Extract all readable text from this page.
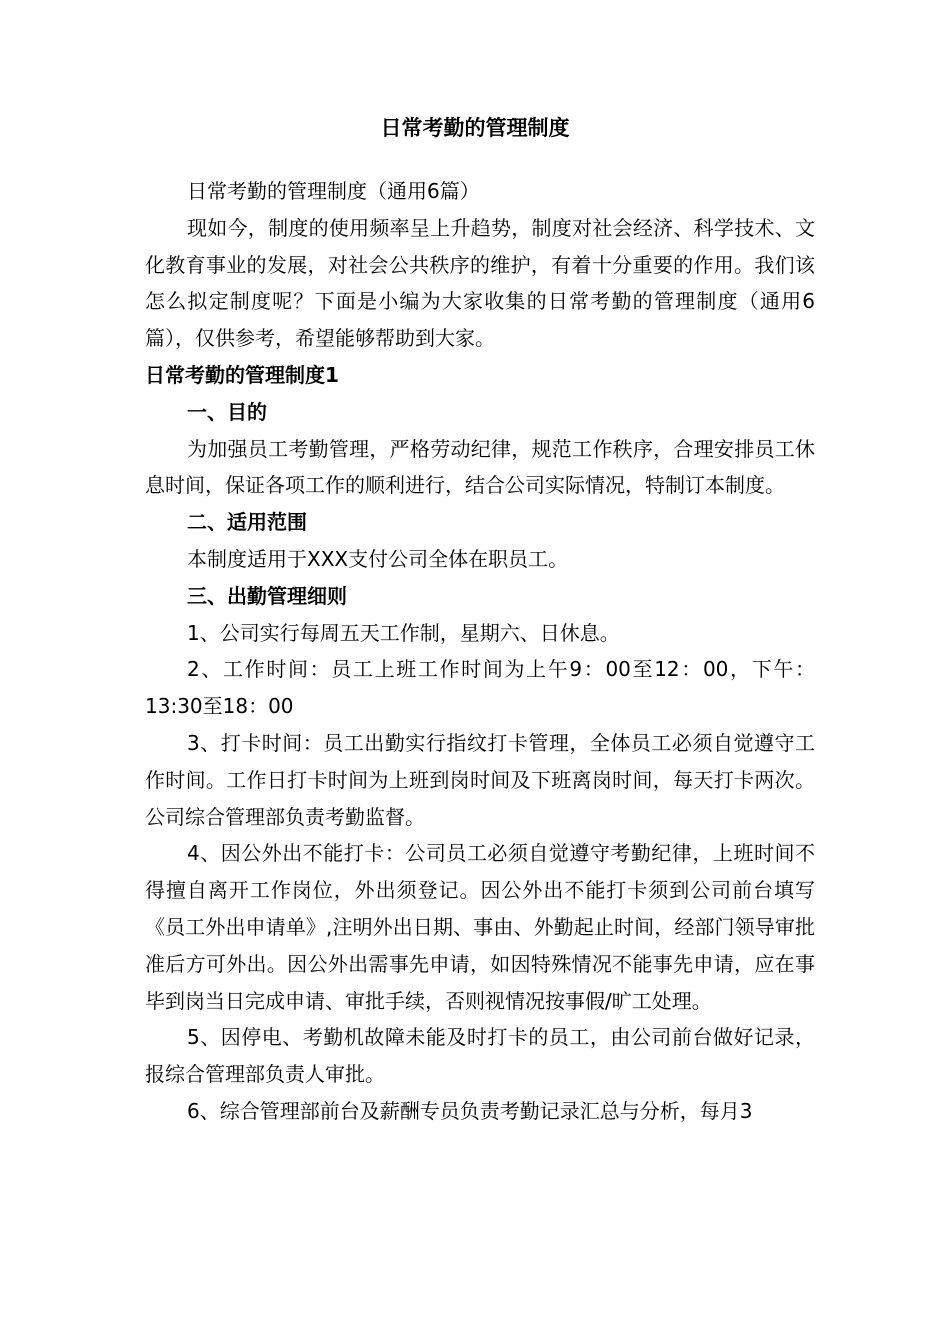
日常考勤的管理制度

日常考勤的管理制度（通用6篇）

现如今，制度的使用频率呈上升趋势，制度对社会经济、科学技术、文化教育事业的发展，对社会公共秩序的维护，有着十分重要的作用。我们该怎么拟定制度呢？下面是小编为大家收集的日常考勤的管理制度（通用6篇），仅供参考，希望能够帮助到大家。

日常考勤的管理制度1

一、目的

为加强员工考勤管理，严格劳动纪律，规范工作秩序，合理安排员工休息时间，保证各项工作的顺利进行，结合公司实际情况，特制订本制度。

二、适用范围

本制度适用于XXX支付公司全体在职员工。

三、出勤管理细则

1、公司实行每周五天工作制，星期六、日休息。

2、工作时间：员工上班工作时间为上午9：00至12：00，下午：13:30至18：00

3、打卡时间：员工出勤实行指纹打卡管理，全体员工必须自觉遵守工作时间。工作日打卡时间为上班到岗时间及下班离岗时间，每天打卡两次。公司综合管理部负责考勤监督。

4、因公外出不能打卡：公司员工必须自觉遵守考勤纪律，上班时间不得擅自离开工作岗位，外出须登记。因公外出不能打卡须到公司前台填写《员工外出申请单》,注明外出日期、事由、外勤起止时间，经部门领导审批准后方可外出。因公外出需事先申请，如因特殊情况不能事先申请，应在事毕到岗当日完成申请、审批手续，否则视情况按事假/旷工处理。

5、因停电、考勤机故障未能及时打卡的员工，由公司前台做好记录，报综合管理部负责人审批。

6、综合管理部前台及薪酬专员负责考勤记录汇总与分析，每月3
